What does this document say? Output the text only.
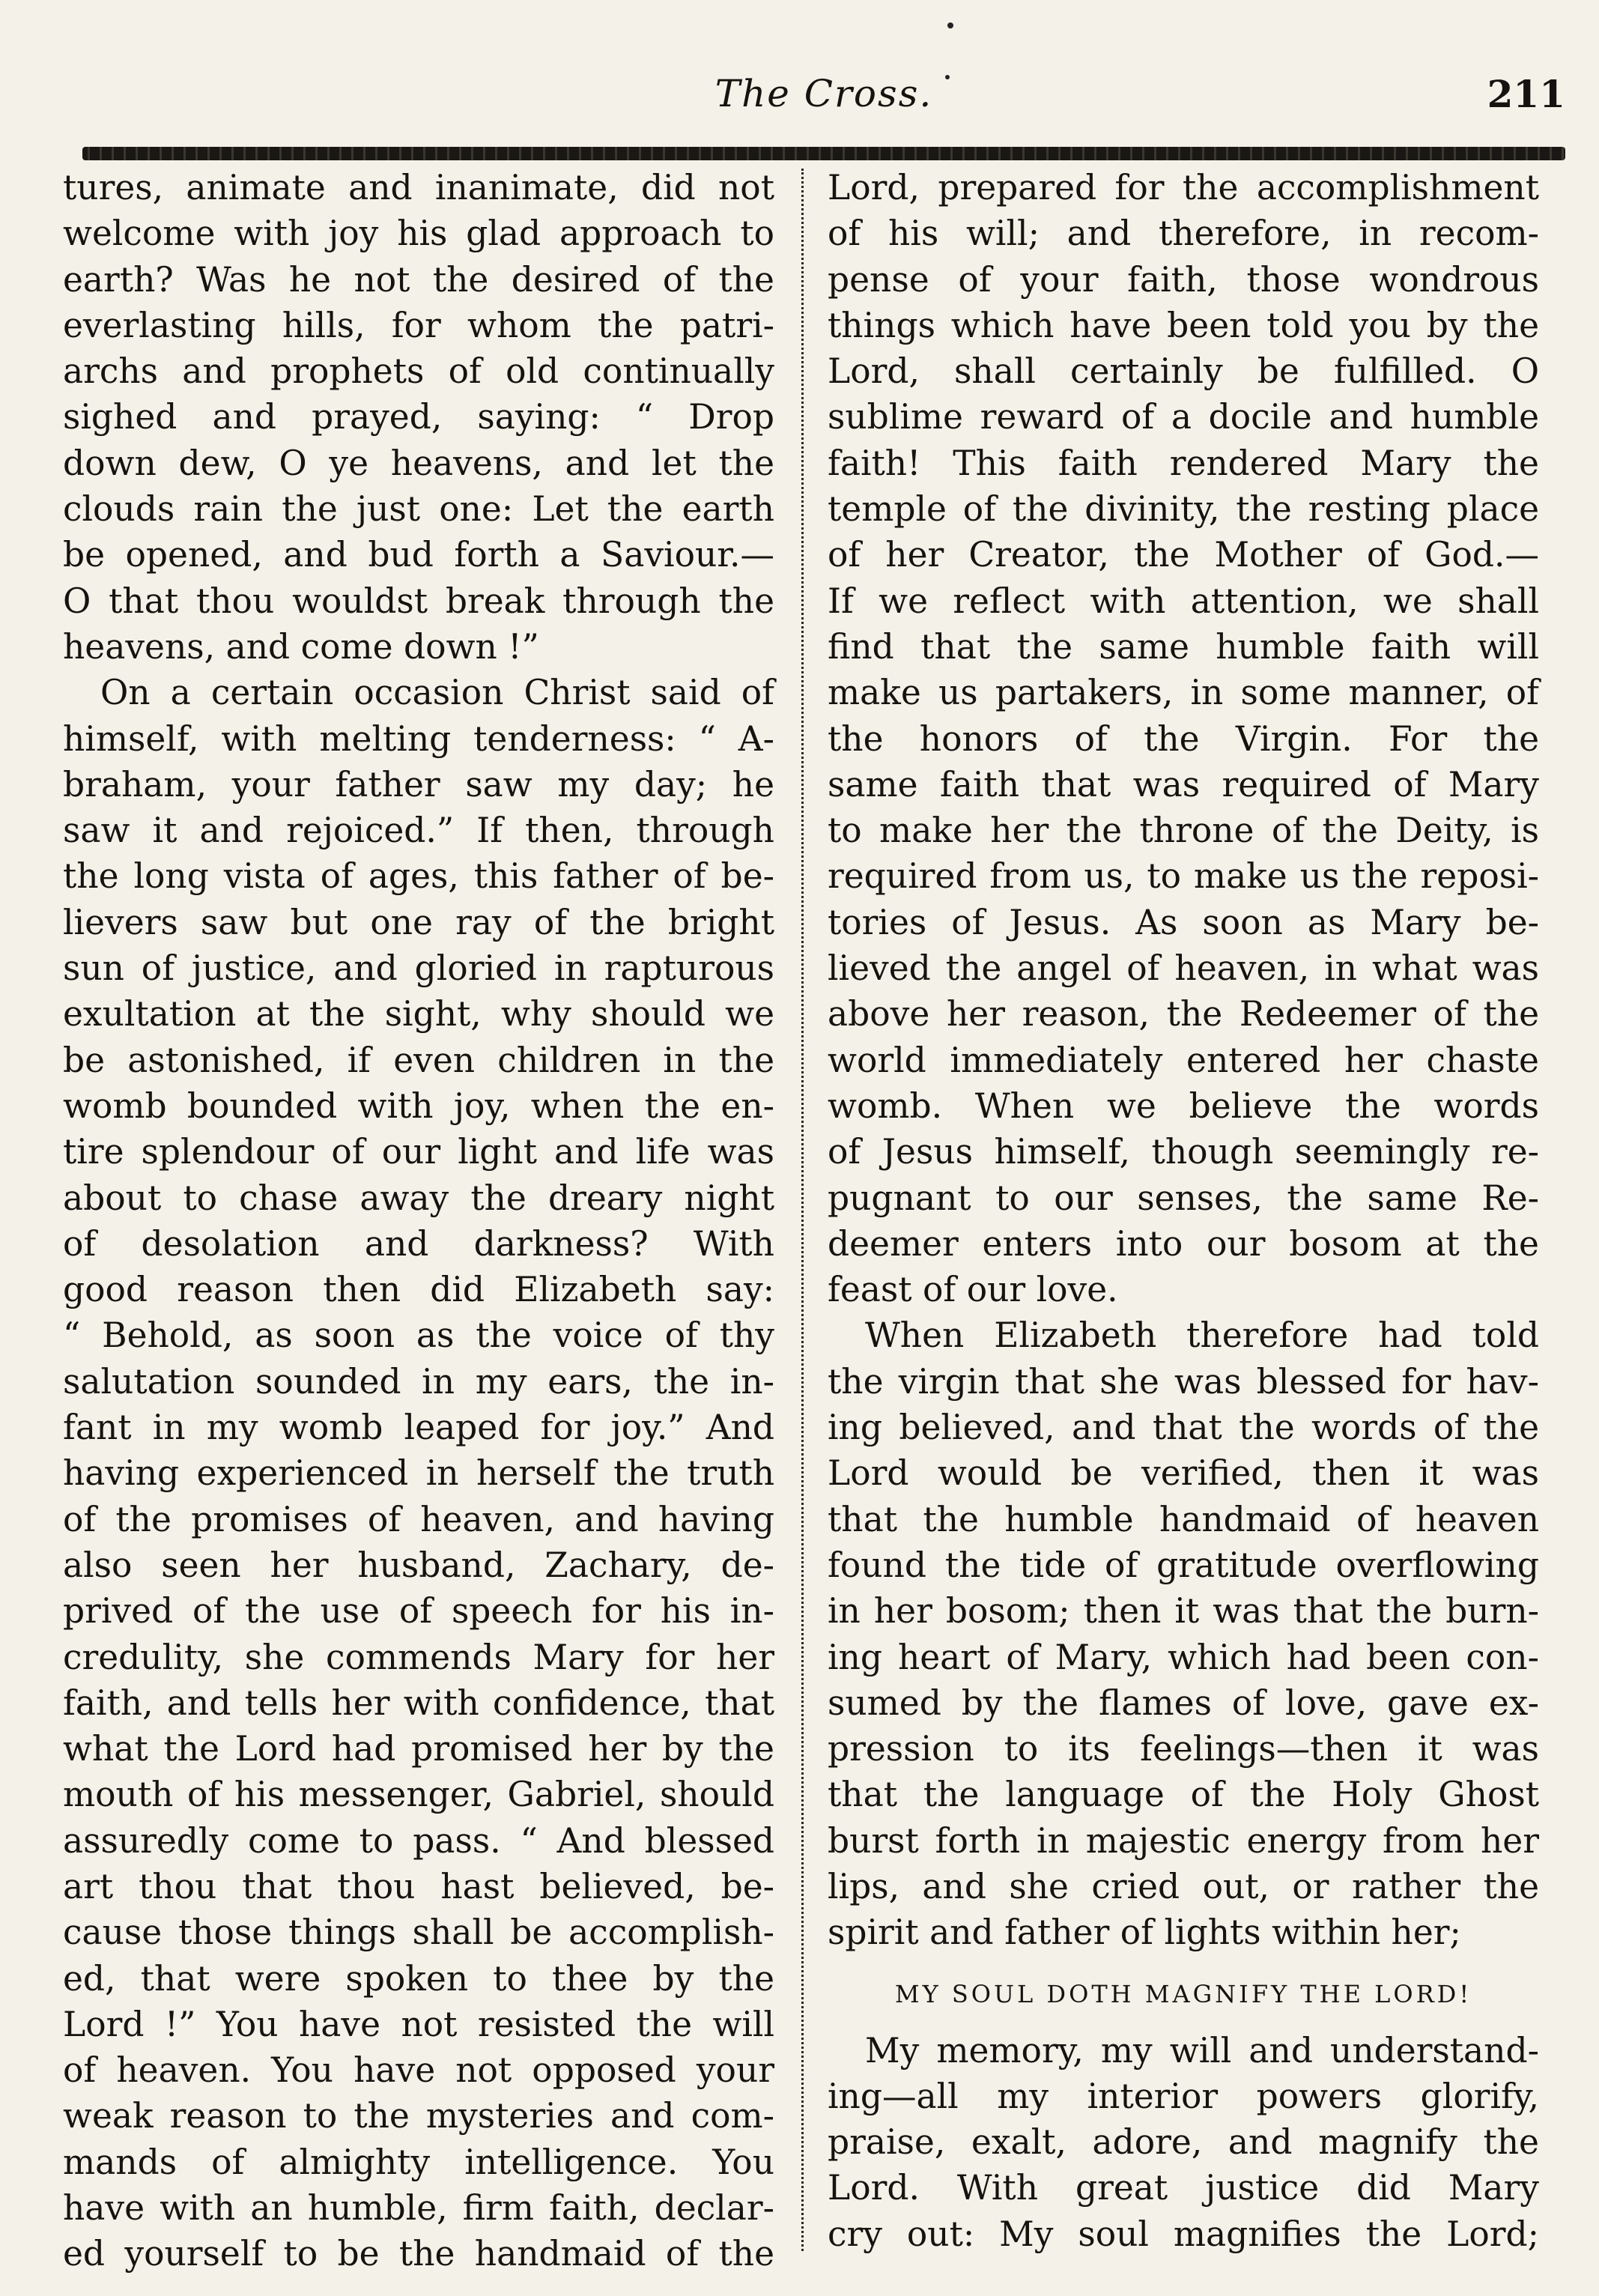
The Cross.	211
tures, animate and inanimate, did not
welcome with joy his glad approach to
earth? Was he not the desired of the
everlasting hills, for whom the patri-
archs and prophets of old continually
sighed and prayed, saying: “ Drop
down dew, O ye heavens, and let the
clouds rain the just one: Let the earth
be opened, and bud forth a Saviour.—
O that thou wouldst break through the
heavens, and come down !”
On a certain occasion Christ said of
himself, with melting tenderness: “ A-
braham, your father saw my day; he
saw it and rejoiced.” If then, through
the long vista of ages, this father of be-
lievers saw but one ray of the bright
sun of justice, and gloried in rapturous
exultation at the sight, why should we
be astonished, if even children in the
womb bounded with joy, when the en-
tire splendour of our light and life was
about to chase away the dreary night
of desolation and darkness? With
good reason then did Elizabeth say:
“ Behold, as soon as the voice of thy
salutation sounded in my ears, the in-
fant in my womb leaped for joy.” And
having experienced in herself the truth
of the promises of heaven, and having
also seen her husband, Zachary, de-
prived of the use of speech for his in-
credulity, she commends Mary for her
faith, and tells her with confidence, that
what the Lord had promised her by the
mouth of his messenger, Gabriel, should
assuredly come to pass. “ And blessed
art thou that thou hast believed, be-
cause those things shall be accomplish-
ed, that were spoken to thee by the
Lord !” You have not resisted the will
of heaven. You have not opposed your
weak reason to the mysteries and com-
mands of almighty intelligence. You
have with an humble, firm faith, declar-
ed yourself to be the handmaid of the
Lord, prepared for the accomplishment
of his will; and therefore, in recom-
pense of your faith, those wondrous
things which have been told you by the
Lord, shall certainly be fulfilled. O
sublime reward of a docile and humble
faith! This faith rendered Mary the
temple of the divinity, the resting place
of her Creator, the Mother of God.—
If we reflect with attention, we shall
find that the same humble faith will
make us partakers, in some manner, of
the honors of the Virgin. For the
same faith that was required of Mary
to make her the throne of the Deity, is
required from us, to make us the reposi-
tories of Jesus. As soon as Mary be-
lieved the angel of heaven, in what was
above her reason, the Redeemer of the
world immediately entered her chaste
womb. When we believe the words
of Jesus himself, though seemingly re-
pugnant to our senses, the same Re-
deemer enters into our bosom at the
feast of our love.
When Elizabeth therefore had told
the virgin that she was blessed for hav-
ing believed, and that the words of the
Lord would be verified, then it was
that the humble handmaid of heaven
found the tide of gratitude overflowing
in her bosom; then it was that the burn-
ing heart of Mary, which had been con-
sumed by the flames of love, gave ex-
pression to its feelings—then it was
that the language of the Holy Ghost
burst forth in majestic energy from her
lips, and she cried out, or rather the
spirit and father of lights within her;
MY SOUL DOTH MAGNIFY THE LORD!
My memory, my will and understand-
ing—all my interior powers glorify,
praise, exalt, adore, and magnify the
Lord. With great justice did Mary
cry out: My soul magnifies the Lord;
